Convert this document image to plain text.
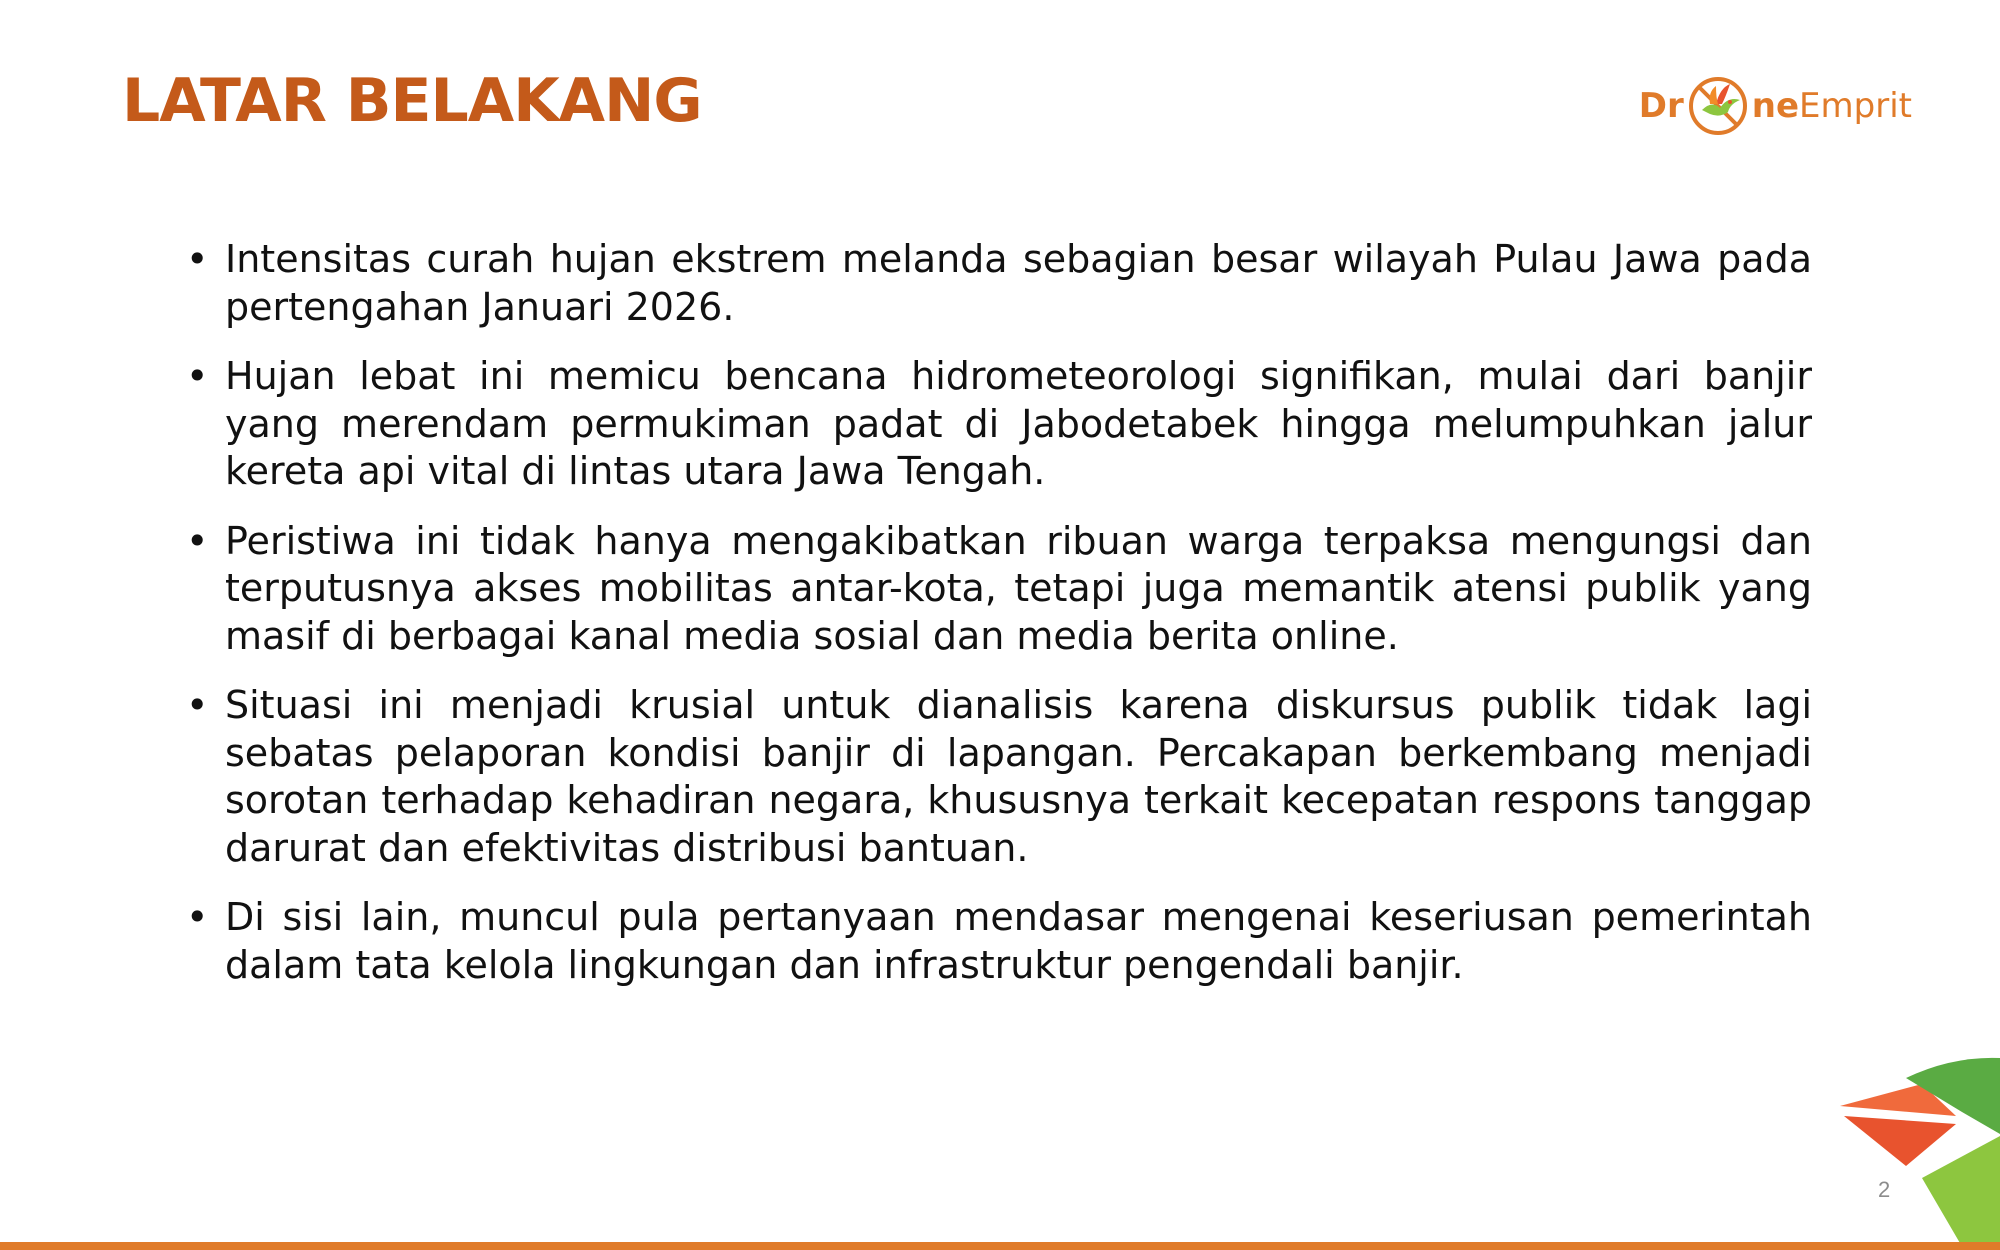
LATAR BELAKANG	Dr ne Emprit
• Intensitas curah hujan ekstrem melanda sebagian besar wilayah Pulau Jawa pada pertengahan Januari 2026.
• Hujan lebat ini memicu bencana hidrometeorologi signifikan, mulai dari banjir yang merendam permukiman padat di Jabodetabek hingga melumpuhkan jalur kereta api vital di lintas utara Jawa Tengah.
• Peristiwa ini tidak hanya mengakibatkan ribuan warga terpaksa mengungsi dan terputusnya akses mobilitas antar-kota, tetapi juga memantik atensi publik yang masif di berbagai kanal media sosial dan media berita online.
• Situasi ini menjadi krusial untuk dianalisis karena diskursus publik tidak lagi sebatas pelaporan kondisi banjir di lapangan. Percakapan berkembang menjadi sorotan terhadap kehadiran negara, khususnya terkait kecepatan respons tanggap darurat dan efektivitas distribusi bantuan.
• Di sisi lain, muncul pula pertanyaan mendasar mengenai keseriusan pemerintah dalam tata kelola lingkungan dan infrastruktur pengendali banjir.
2
